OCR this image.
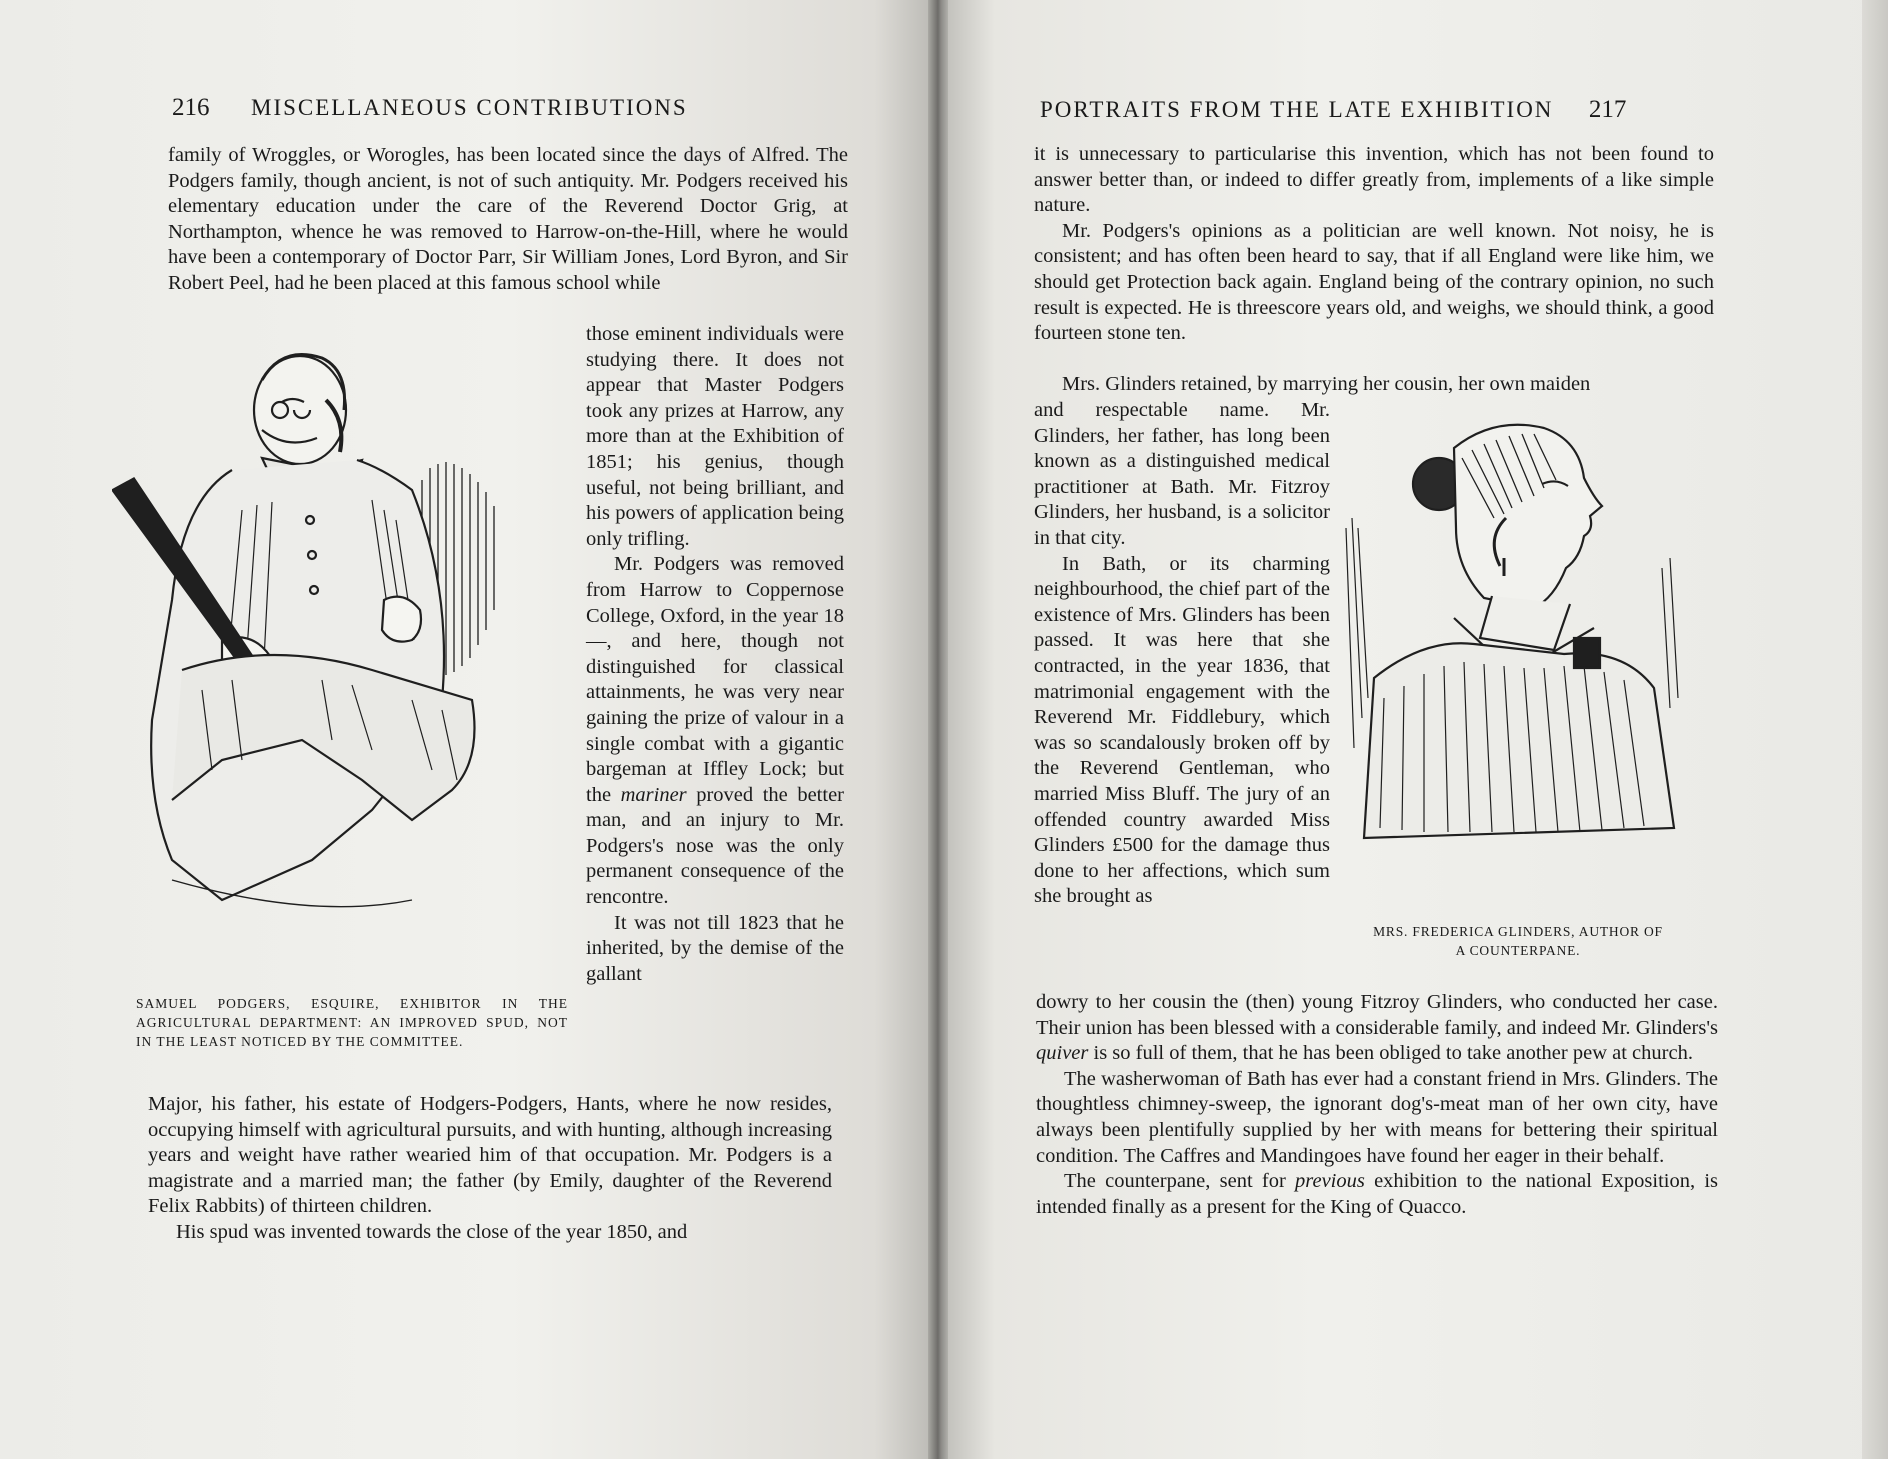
216 MISCELLANEOUS CONTRIBUTIONS

family of Wroggles, or Worogles, has been located since the days of Alfred. The Podgers family, though ancient, is not of such antiquity. Mr. Podgers received his elementary education under the care of the Reverend Doctor Grig, at Northampton, whence he was removed to Harrow-on-the-Hill, where he would have been a contemporary of Doctor Parr, Sir William Jones, Lord Byron, and Sir Robert Peel, had he been placed at this famous school while

those eminent individuals were studying there. It does not appear that Master Podgers took any prizes at Harrow, any more than at the Exhibition of 1851; his genius, though useful, not being brilliant, and his powers of application being only trifling.

Mr. Podgers was removed from Harrow to Coppernose College, Oxford, in the year 18—, and here, though not distinguished for classical attainments, he was very near gaining the prize of valour in a single combat with a gigantic bargeman at Iffley Lock; but the mariner proved the better man, and an injury to Mr. Podgers's nose was the only permanent consequence of the rencontre.

It was not till 1823 that he inherited, by the demise of the gallant

SAMUEL PODGERS, ESQUIRE, EXHIBITOR IN THE AGRICULTURAL DEPARTMENT: AN IMPROVED SPUD, NOT IN THE LEAST NOTICED BY THE COMMITTEE.

Major, his father, his estate of Hodgers-Podgers, Hants, where he now resides, occupying himself with agricultural pursuits, and with hunting, although increasing years and weight have rather wearied him of that occupation. Mr. Podgers is a magistrate and a married man; the father (by Emily, daughter of the Reverend Felix Rabbits) of thirteen children.

His spud was invented towards the close of the year 1850, and

PORTRAITS FROM THE LATE EXHIBITION 217

it is unnecessary to particularise this invention, which has not been found to answer better than, or indeed to differ greatly from, implements of a like simple nature.

Mr. Podgers's opinions as a politician are well known. Not noisy, he is consistent; and has often been heard to say, that if all England were like him, we should get Protection back again. England being of the contrary opinion, no such result is expected. He is threescore years old, and weighs, we should think, a good fourteen stone ten.

Mrs. Glinders retained, by marrying her cousin, her own maiden

and respectable name. Mr. Glinders, her father, has long been known as a distinguished medical practitioner at Bath. Mr. Fitzroy Glinders, her husband, is a solicitor in that city.

In Bath, or its charming neighbourhood, the chief part of the existence of Mrs. Glinders has been passed. It was here that she contracted, in the year 1836, that matrimonial engagement with the Reverend Mr. Fiddlebury, which was so scandalously broken off by the Reverend Gentleman, who married Miss Bluff. The jury of an offended country awarded Miss Glinders £500 for the damage thus done to her affections, which sum she brought as

MRS. FREDERICA GLINDERS, AUTHOR OF
A COUNTERPANE.

dowry to her cousin the (then) young Fitzroy Glinders, who conducted her case. Their union has been blessed with a considerable family, and indeed Mr. Glinders's quiver is so full of them, that he has been obliged to take another pew at church.

The washerwoman of Bath has ever had a constant friend in Mrs. Glinders. The thoughtless chimney-sweep, the ignorant dog's-meat man of her own city, have always been plentifully supplied by her with means for bettering their spiritual condition. The Caffres and Mandingoes have found her eager in their behalf.

The counterpane, sent for previous exhibition to the national Exposition, is intended finally as a present for the King of Quacco.
